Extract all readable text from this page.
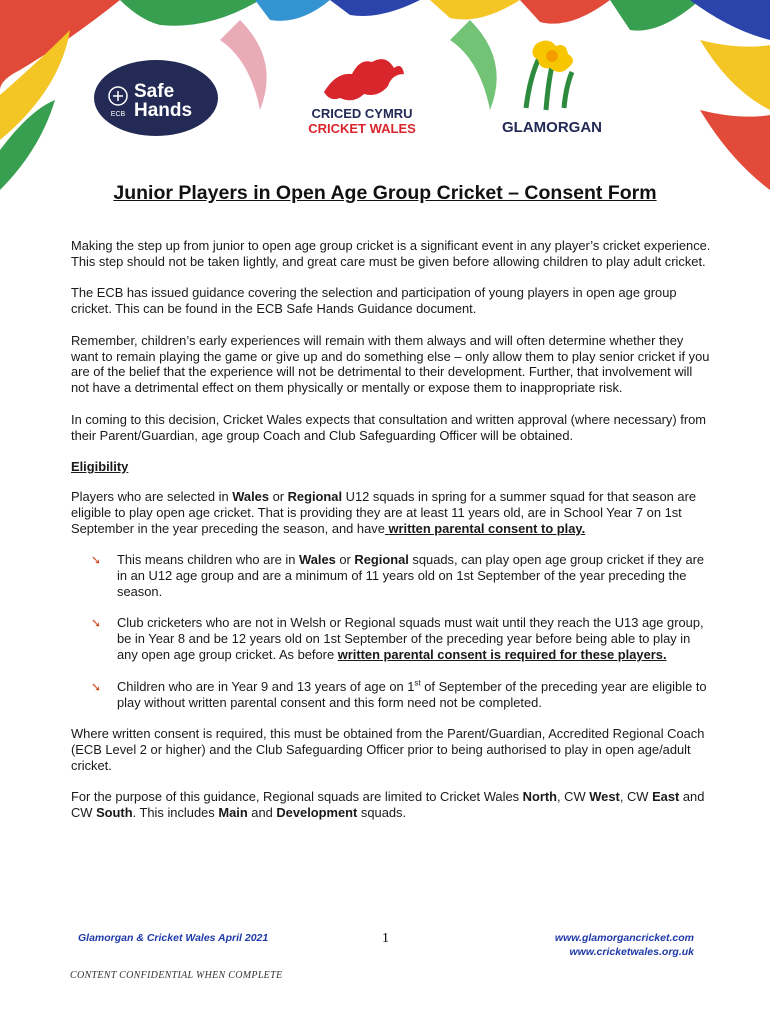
ECB
Safe
Hands	CRICED CYMRU
CRICKET WALES	GLAMORGAN
Junior Players in Open Age Group Cricket – Consent Form

Making the step up from junior to open age group cricket is a significant event in any player’s cricket experience. This step should not be taken lightly, and great care must be given before allowing children to play adult cricket.

The ECB has issued guidance covering the selection and participation of young players in open age group cricket. This can be found in the ECB Safe Hands Guidance document.

Remember, children’s early experiences will remain with them always and will often determine whether they want to remain playing the game or give up and do something else – only allow them to play senior cricket if you are of the belief that the experience will not be detrimental to their development. Further, that involvement will not have a detrimental effect on them physically or mentally or expose them to inappropriate risk.

In coming to this decision, Cricket Wales expects that consultation and written approval (where necessary) from their Parent/Guardian, age group Coach and Club Safeguarding Officer will be obtained.

Eligibility

Players who are selected in Wales or Regional U12 squads in spring for a summer squad for that season are eligible to play open age cricket. That is providing they are at least 11 years old, are in School Year 7 on 1st September in the year preceding the season, and have written parental consent to play.

➘ This means children who are in Wales or Regional squads, can play open age group cricket if they are in an U12 age group and are a minimum of 11 years old on 1st September of the year preceding the season.
➘ Club cricketers who are not in Welsh or Regional squads must wait until they reach the U13 age group, be in Year 8 and be 12 years old on 1st September of the preceding year before being able to play in any open age group cricket. As before written parental consent is required for these players.
➘ Children who are in Year 9 and 13 years of age on 1st of September of the preceding year are eligible to play without written parental consent and this form need not be completed.

Where written consent is required, this must be obtained from the Parent/Guardian, Accredited Regional Coach (ECB Level 2 or higher) and the Club Safeguarding Officer prior to being authorised to play in open age/adult cricket.

For the purpose of this guidance, Regional squads are limited to Cricket Wales North, CW West, CW East and CW South. This includes Main and Development squads.

Glamorgan & Cricket Wales April 2021	1	www.glamorgancricket.com
www.cricketwales.org.uk
CONTENT CONFIDENTIAL WHEN COMPLETE
